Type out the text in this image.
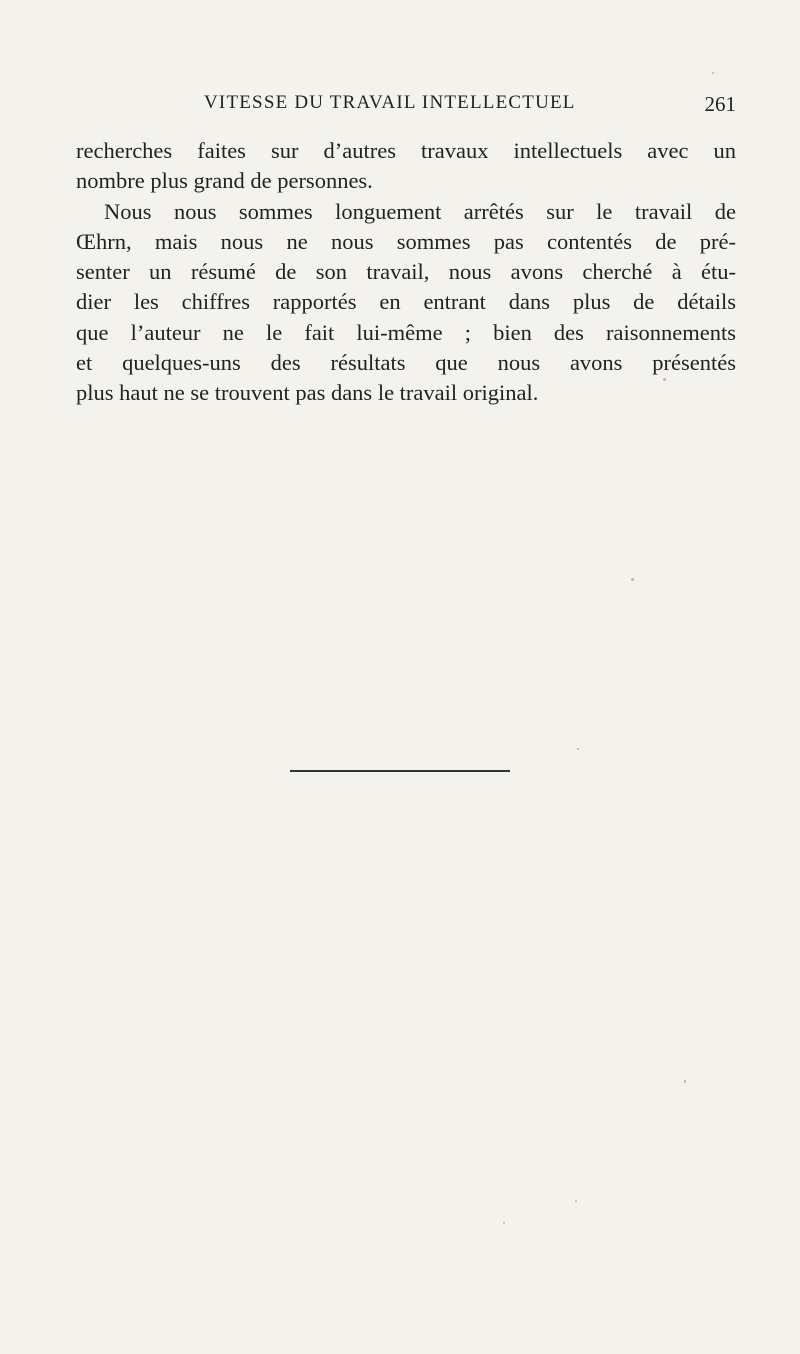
VITESSE DU TRAVAIL INTELLECTUEL	261
recherches faites sur d’autres travaux intellectuels avec un
nombre plus grand de personnes.
Nous nous sommes longuement arrêtés sur le travail de
Œhrn, mais nous ne nous sommes pas contentés de pré-
senter un résumé de son travail, nous avons cherché à étu-
dier les chiffres rapportés en entrant dans plus de détails
que l’auteur ne le fait lui-même ; bien des raisonnements
et quelques-uns des résultats que nous avons présentés
plus haut ne se trouvent pas dans le travail original.
